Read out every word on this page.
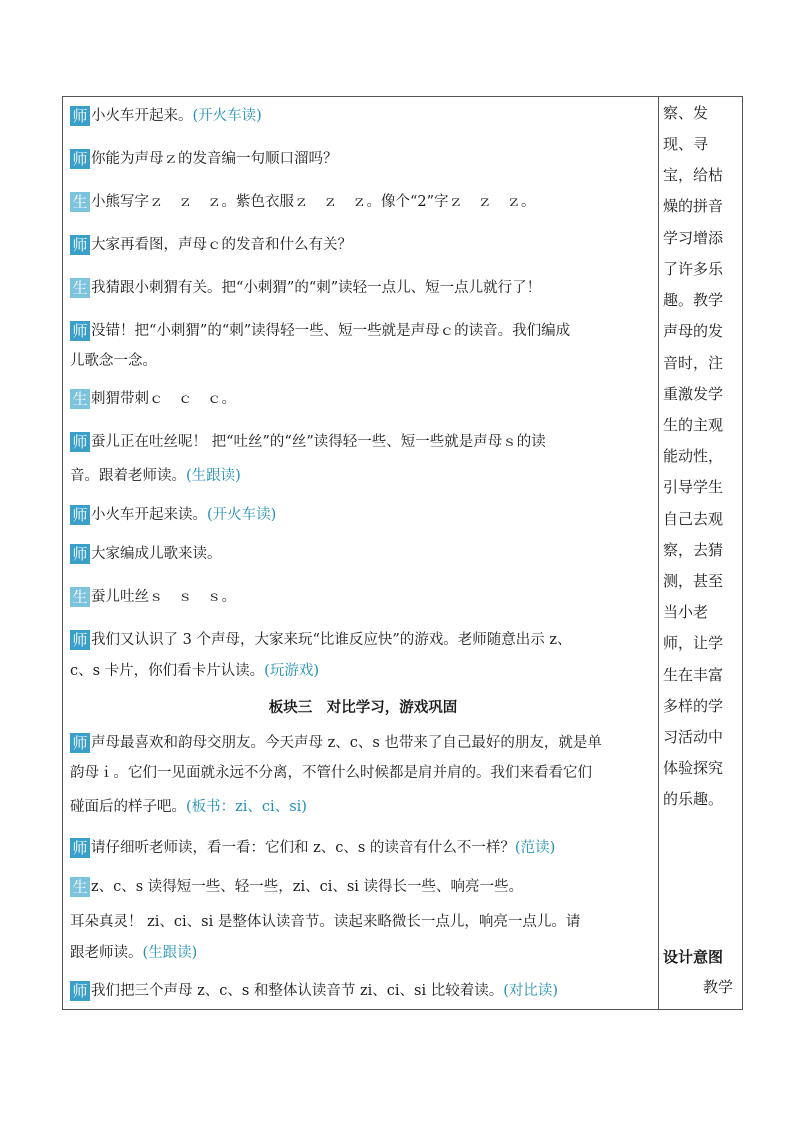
师 小火车开起来。(开火车读)
师 你能为声母ｚ的发音编一句顺口溜吗？
生 小熊写字ｚ　ｚ　ｚ。紫色衣服ｚ　ｚ　ｚ。像个“2”字ｚ　ｚ　ｚ。
师 大家再看图，声母ｃ的发音和什么有关？
生 我猜跟小刺猬有关。把“小刺猬”的“刺”读轻一点儿、短一点儿就行了！
师 没错！把“小刺猬”的“刺”读得轻一些、短一些就是声母ｃ的读音。我们编成
儿歌念一念。
生 刺猬带刺ｃ　ｃ　ｃ。
师 蚕儿正在吐丝呢！ 把“吐丝”的“丝”读得轻一些、短一些就是声母ｓ的读
音。跟着老师读。(生跟读)
师 小火车开起来读。(开火车读)
师 大家编成儿歌来读。
生 蚕儿吐丝ｓ　ｓ　ｓ。
师 我们又认识了 3 个声母，大家来玩“比谁反应快”的游戏。老师随意出示 z、
c、s 卡片，你们看卡片认读。(玩游戏)
板块三　对比学习，游戏巩固
师 声母最喜欢和韵母交朋友。今天声母 z、c、s 也带来了自己最好的朋友，就是单
韵母ｉ。它们一见面就永远不分离，不管什么时候都是肩并肩的。我们来看看它们
碰面后的样子吧。(板书：zi、ci、si)
师 请仔细听老师读，看一看：它们和 z、c、s 的读音有什么不一样？(范读)
生 z、c、s 读得短一些、轻一些，zi、ci、si 读得长一些、响亮一些。
耳朵真灵！ zi、ci、si 是整体认读音节。读起来略微长一点儿，响亮一点儿。请
跟老师读。(生跟读)
师 我们把三个声母 z、c、s 和整体认读音节 zi、ci、si 比较着读。(对比读)
察、发
现、寻
宝，给枯
燥的拼音
学习增添
了许多乐
趣。教学
声母的发
音时，注
重激发学
生的主观
能动性，
引导学生
自己去观
察，去猜
测，甚至
当小老
师，让学
生在丰富
多样的学
习活动中
体验探究
的乐趣。
设计意图
教学
